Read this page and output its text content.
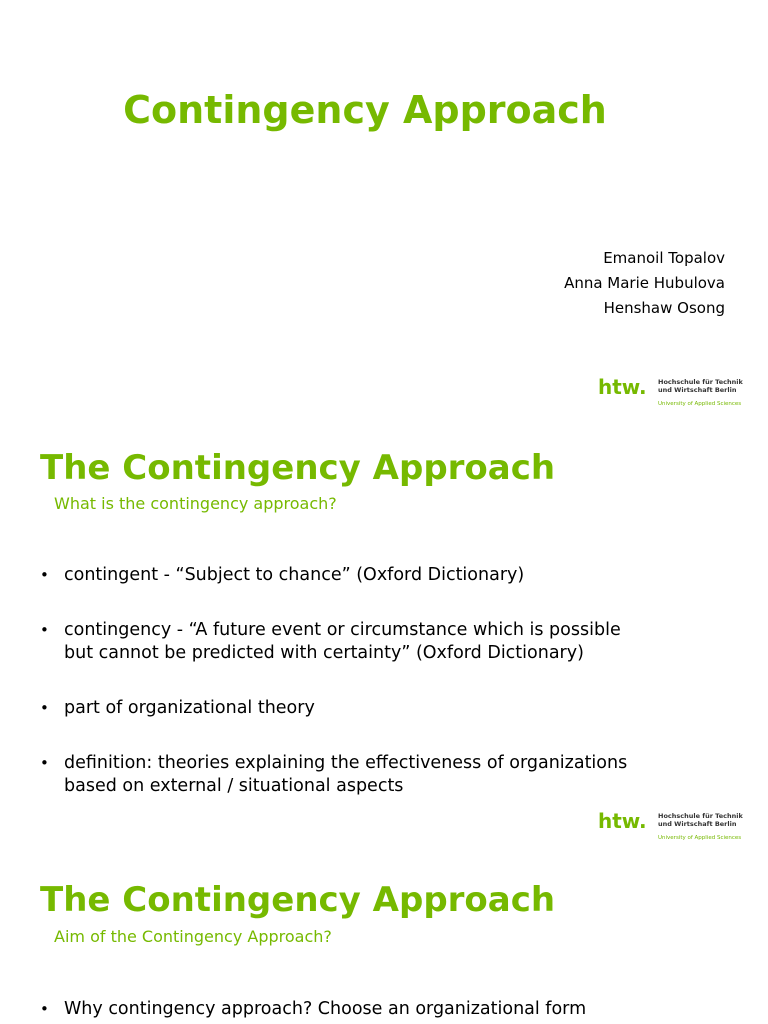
Contingency Approach
Emanoil Topalov
Anna Marie Hubulova
Henshaw Osong
htw. Hochschule für Technik
und Wirtschaft Berlin
University of Applied Sciences
The Contingency Approach

What is the contingency approach?

• contingent - “Subject to chance” (Oxford Dictionary)
• contingency - “A future event or circumstance which is possible
but cannot be predicted with certainty” (Oxford Dictionary)
• part of organizational theory
• definition: theories explaining the effectiveness of organizations
based on external / situational aspects
htw. Hochschule für Technik
und Wirtschaft Berlin
University of Applied Sciences
The Contingency Approach

Aim of the Contingency Approach?

• Why contingency approach? Choose an organizational form
